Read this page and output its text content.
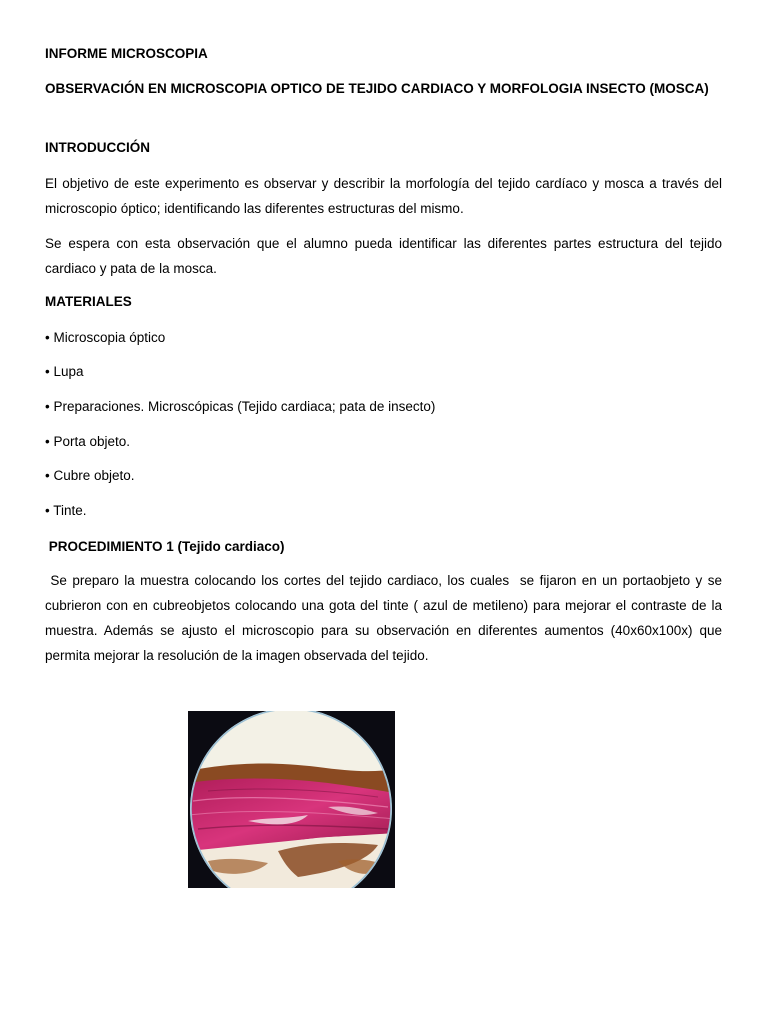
INFORME MICROSCOPIA

OBSERVACIÓN EN MICROSCOPIA OPTICO DE TEJIDO CARDIACO Y MORFOLOGIA INSECTO (MOSCA)

INTRODUCCIÓN

El objetivo de este experimento es observar y describir la morfología del tejido cardíaco y mosca a través del microscopio óptico; identificando las diferentes estructuras del mismo.

Se espera con esta observación que el alumno pueda identificar las diferentes partes estructura del tejido cardiaco y pata de la mosca.

MATERIALES

• Microscopia óptico

• Lupa

• Preparaciones. Microscópicas (Tejido cardiaca; pata de insecto)

• Porta objeto.

• Cubre objeto.

• Tinte.

PROCEDIMIENTO 1 (Tejido cardiaco)

Se preparo la muestra colocando los cortes del tejido cardiaco, los cuales  se fijaron en un portaobjeto y se cubrieron con en cubreobjetos colocando una gota del tinte ( azul de metileno) para mejorar el contraste de la muestra. Además se ajusto el microscopio para su observación en diferentes aumentos (40x60x100x) que permita mejorar la resolución de la imagen observada del tejido.
